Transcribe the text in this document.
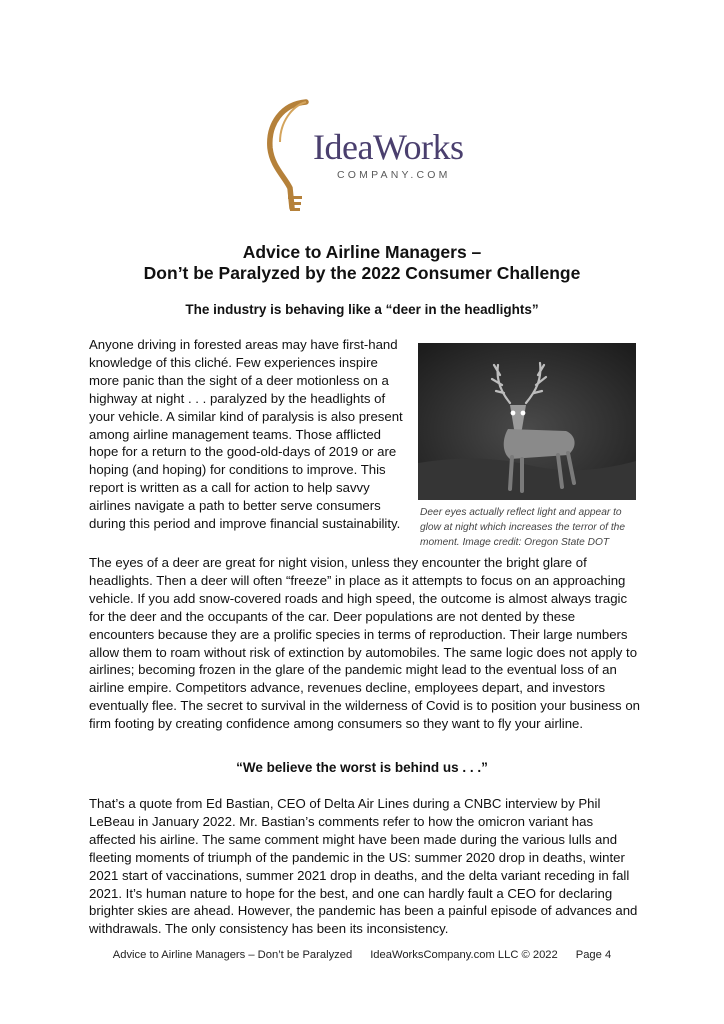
IdeaWorks
COMPANY.COM
Advice to Airline Managers –
Don’t be Paralyzed by the 2022 Consumer Challenge
The industry is behaving like a “deer in the headlights”

Anyone driving in forested areas may have first-hand knowledge of this cliché. Few experiences inspire more panic than the sight of a deer motionless on a highway at night . . . paralyzed by the headlights of your vehicle. A similar kind of paralysis is also present among airline management teams. Those afflicted hope for a return to the good-old-days of 2019 or are hoping (and hoping) for conditions to improve. This report is written as a call for action to help savvy airlines navigate a path to better serve consumers during this period and improve financial sustainability.

Deer eyes actually reflect light and appear to glow at night which increases the terror of the moment. Image credit: Oregon State DOT

The eyes of a deer are great for night vision, unless they encounter the bright glare of headlights. Then a deer will often “freeze” in place as it attempts to focus on an approaching vehicle. If you add snow-covered roads and high speed, the outcome is almost always tragic for the deer and the occupants of the car. Deer populations are not dented by these encounters because they are a prolific species in terms of reproduction. Their large numbers allow them to roam without risk of extinction by automobiles. The same logic does not apply to airlines; becoming frozen in the glare of the pandemic might lead to the eventual loss of an airline empire. Competitors advance, revenues decline, employees depart, and investors eventually flee. The secret to survival in the wilderness of Covid is to position your business on firm footing by creating confidence among consumers so they want to fly your airline.

“We believe the worst is behind us . . .”

That’s a quote from Ed Bastian, CEO of Delta Air Lines during a CNBC interview by Phil LeBeau in January 2022. Mr. Bastian’s comments refer to how the omicron variant has affected his airline. The same comment might have been made during the various lulls and fleeting moments of triumph of the pandemic in the US: summer 2020 drop in deaths, winter 2021 start of vaccinations, summer 2021 drop in deaths, and the delta variant receding in fall 2021. It’s human nature to hope for the best, and one can hardly fault a CEO for declaring brighter skies are ahead. However, the pandemic has been a painful episode of advances and withdrawals. The only consistency has been its inconsistency.

Advice to Airline Managers – Don’t be Paralyzed IdeaWorksCompany.com LLC © 2022 Page 4
